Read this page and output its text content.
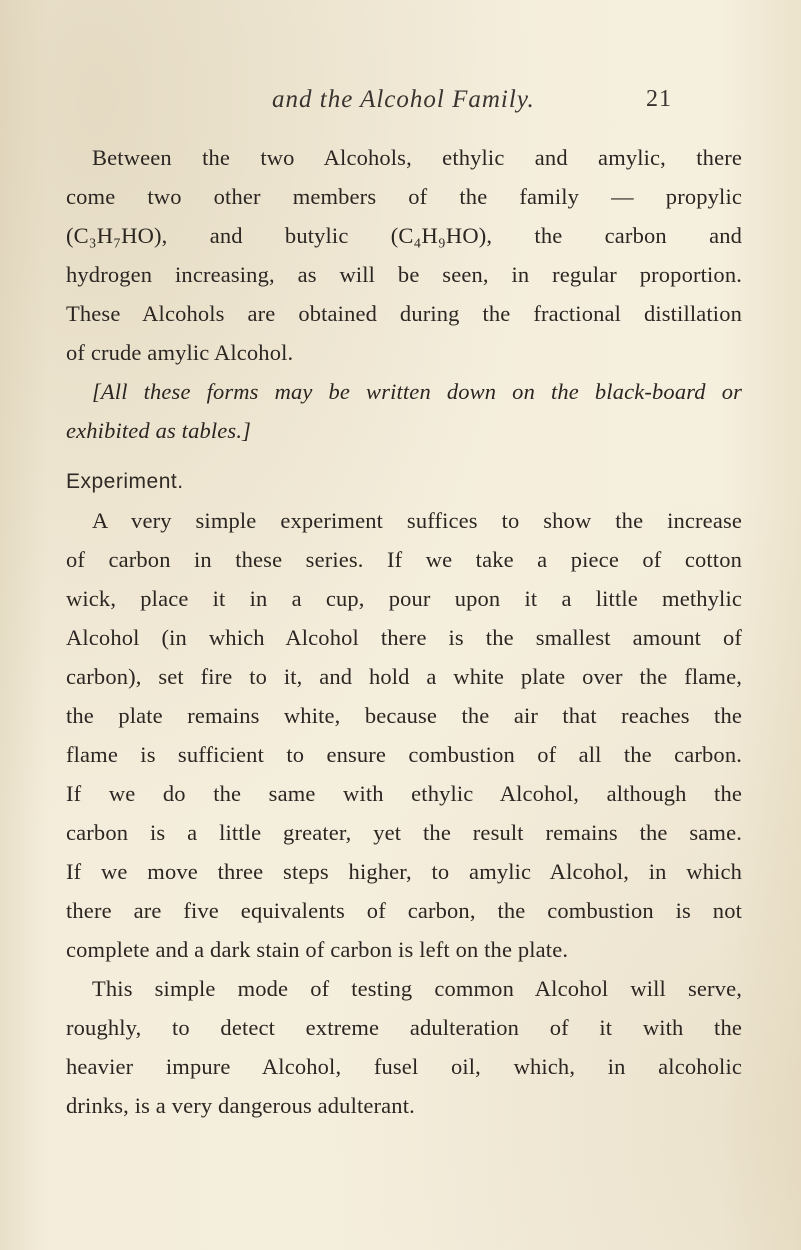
and the Alcohol Family.	21
Between the two Alcohols, ethylic and amylic, there
come two other members of the family — propylic
(C₃H₇HO), and butylic (C₄H₉HO), the carbon and
hydrogen increasing, as will be seen, in regular proportion.
These Alcohols are obtained during the fractional distillation
of crude amylic Alcohol.
[All these forms may be written down on the black-board or
exhibited as tables.]
Experiment.
A very simple experiment suffices to show the increase
of carbon in these series. If we take a piece of cotton
wick, place it in a cup, pour upon it a little methylic
Alcohol (in which Alcohol there is the smallest amount of
carbon), set fire to it, and hold a white plate over the flame,
the plate remains white, because the air that reaches the
flame is sufficient to ensure combustion of all the carbon.
If we do the same with ethylic Alcohol, although the
carbon is a little greater, yet the result remains the same.
If we move three steps higher, to amylic Alcohol, in which
there are five equivalents of carbon, the combustion is not
complete and a dark stain of carbon is left on the plate.
This simple mode of testing common Alcohol will serve,
roughly, to detect extreme adulteration of it with the
heavier impure Alcohol, fusel oil, which, in alcoholic
drinks, is a very dangerous adulterant.
